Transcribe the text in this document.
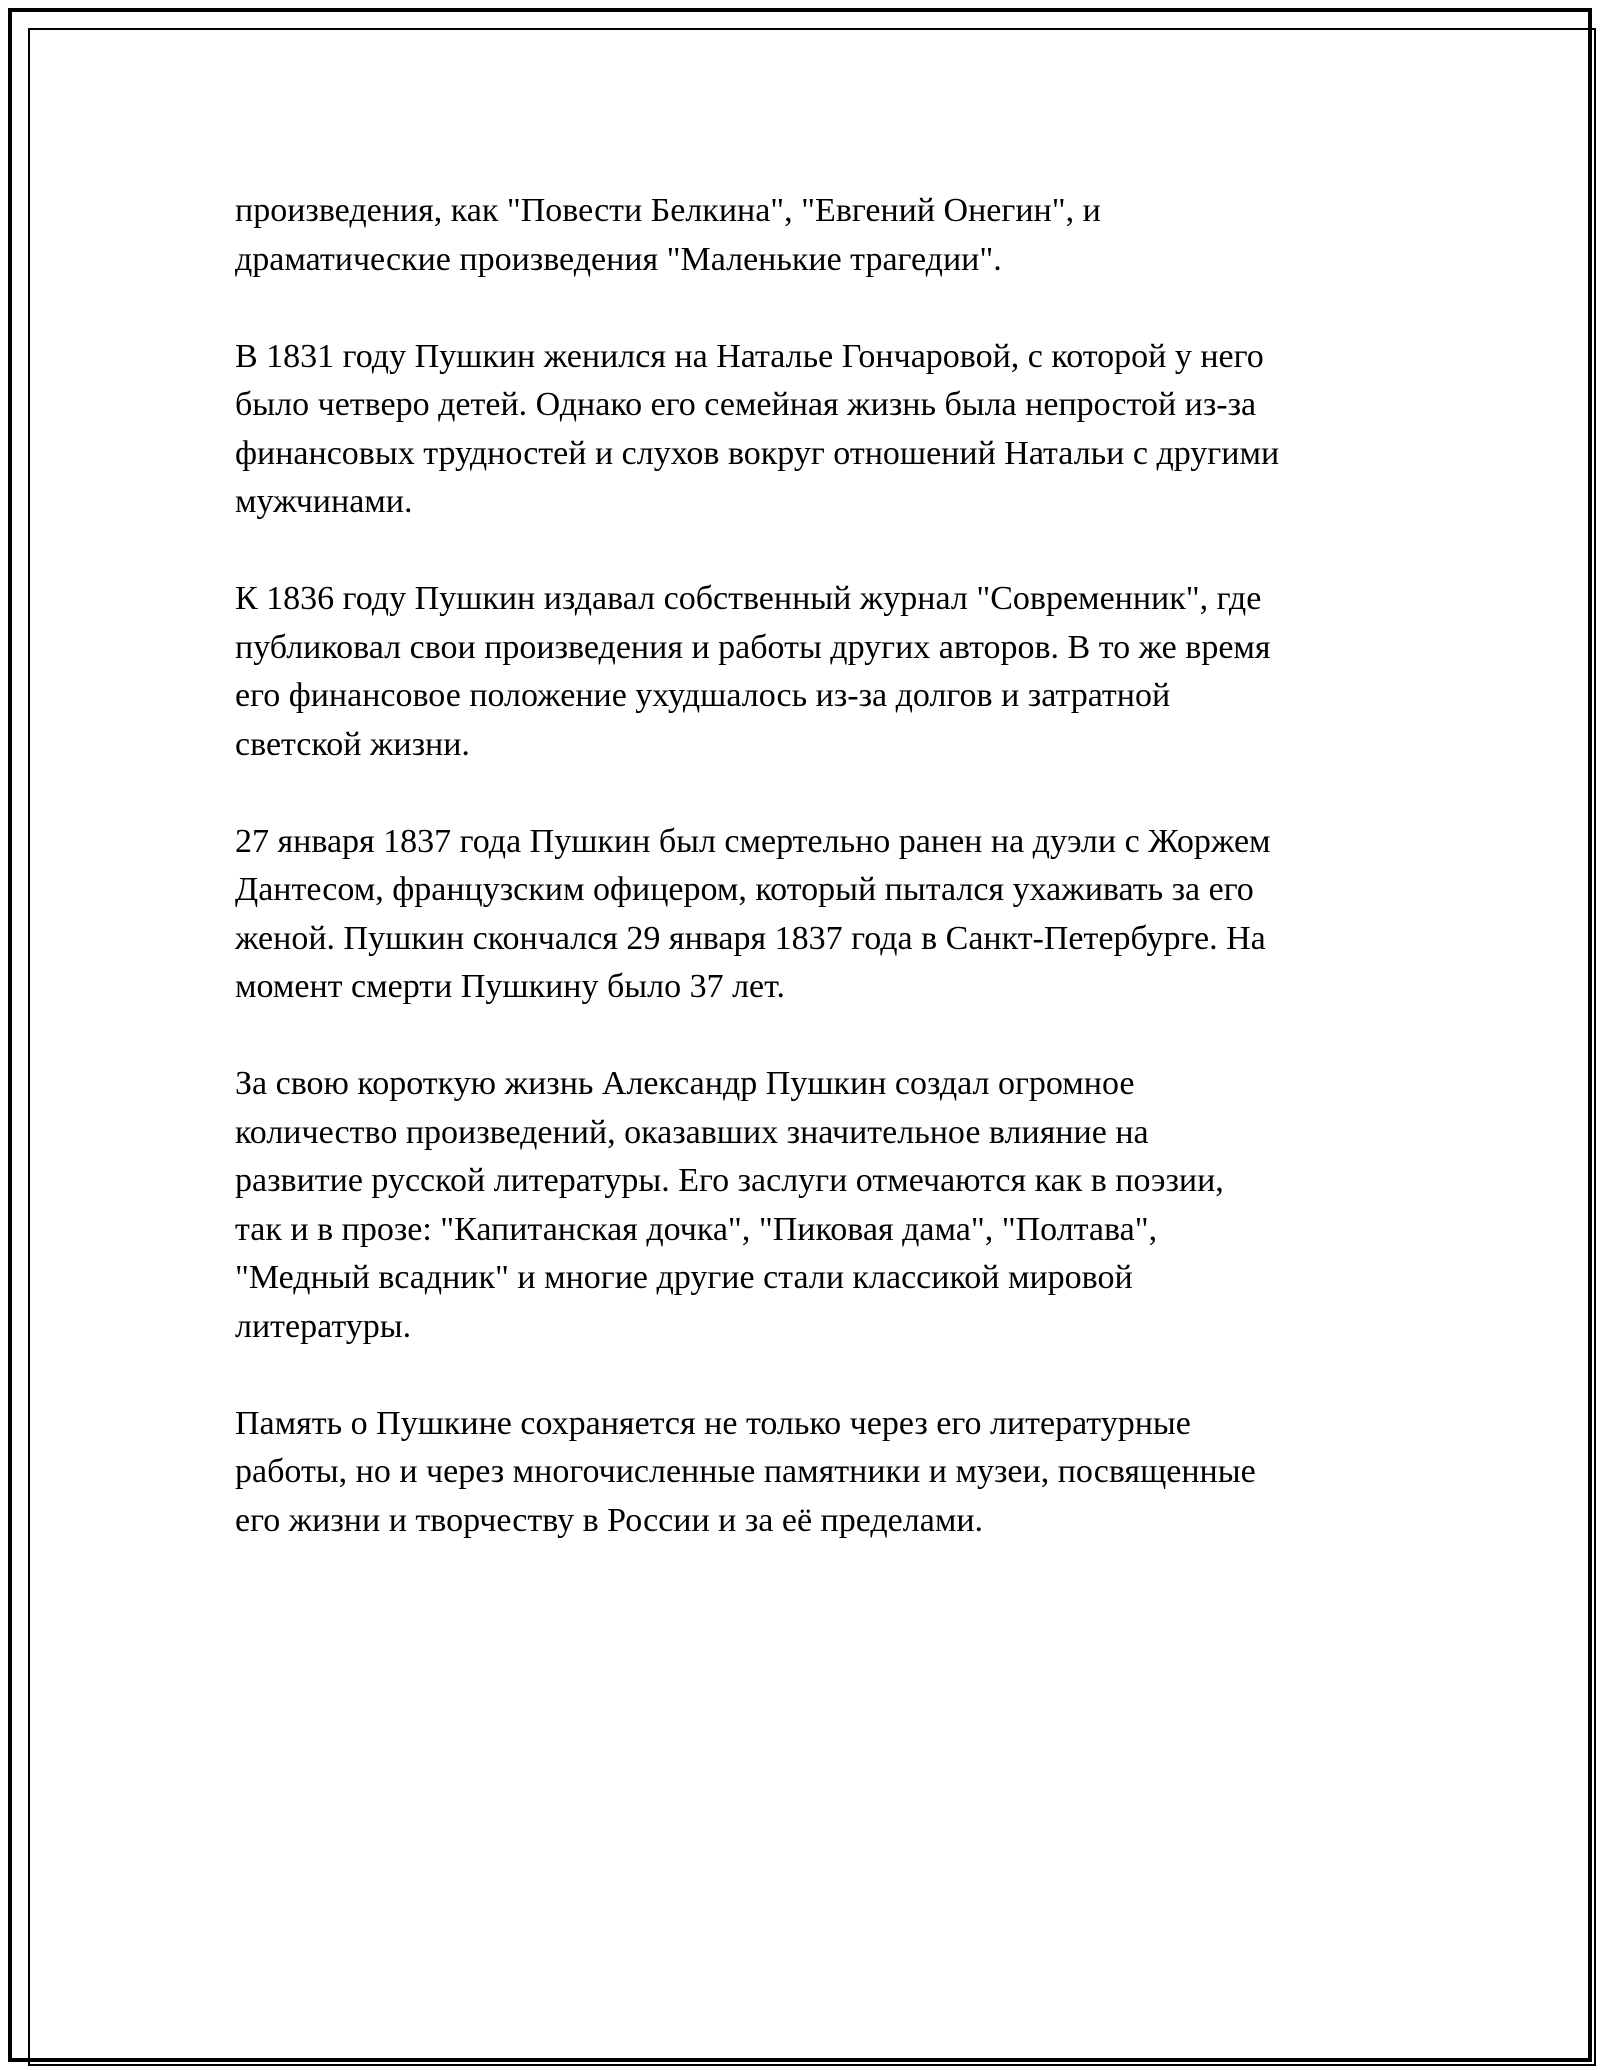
произведения, как "Повести Белкина", "Евгений Онегин", и
драматические произведения "Маленькие трагедии".

В 1831 году Пушкин женился на Наталье Гончаровой, с которой у него
было четверо детей. Однако его семейная жизнь была непростой из-за
финансовых трудностей и слухов вокруг отношений Натальи с другими
мужчинами.

К 1836 году Пушкин издавал собственный журнал "Современник", где
публиковал свои произведения и работы других авторов. В то же время
его финансовое положение ухудшалось из-за долгов и затратной
светской жизни.

27 января 1837 года Пушкин был смертельно ранен на дуэли с Жоржем
Дантесом, французским офицером, который пытался ухаживать за его
женой. Пушкин скончался 29 января 1837 года в Санкт-Петербурге. На
момент смерти Пушкину было 37 лет.

За свою короткую жизнь Александр Пушкин создал огромное
количество произведений, оказавших значительное влияние на
развитие русской литературы. Его заслуги отмечаются как в поэзии,
так и в прозе: "Капитанская дочка", "Пиковая дама", "Полтава",
"Медный всадник" и многие другие стали классикой мировой
литературы.

Память о Пушкине сохраняется не только через его литературные
работы, но и через многочисленные памятники и музеи, посвященные
его жизни и творчеству в России и за её пределами.
